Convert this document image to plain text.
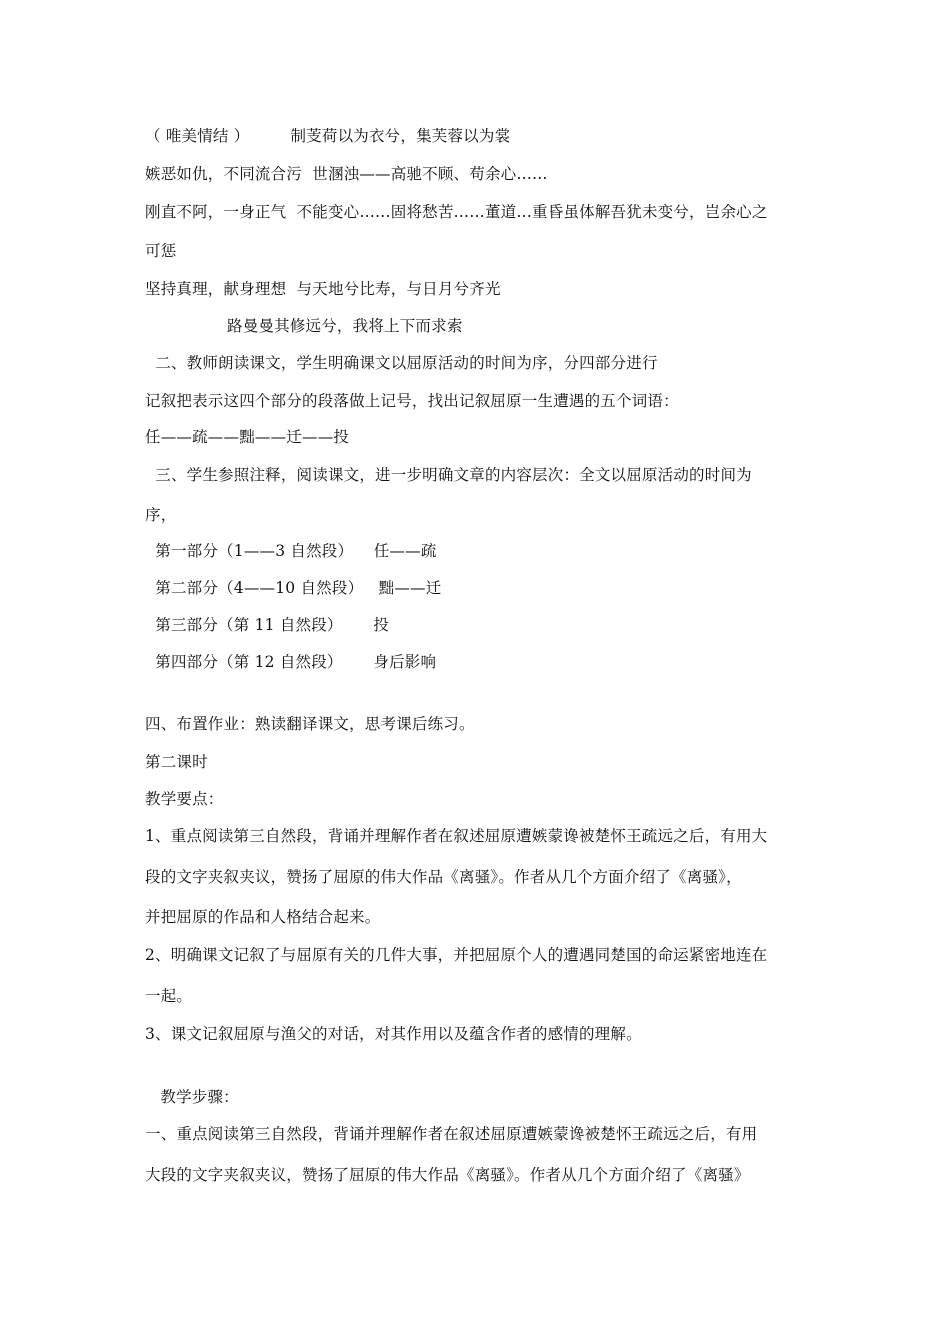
（ 唯美情结 ）        制芰荷以为衣兮，集芙蓉以为裳
嫉恶如仇，不同流合污  世溷浊——高驰不顾、苟余心……
刚直不阿，一身正气  不能变心……固将愁苦……董道…重昏虽体解吾犹未变兮，岂余心之
可惩
坚持真理，献身理想  与天地兮比寿，与日月兮齐光
路曼曼其修远兮，我将上下而求索
二、教师朗读课文，学生明确课文以屈原活动的时间为序，分四部分进行
记叙把表示这四个部分的段落做上记号，找出记叙屈原一生遭遇的五个词语：
任——疏——黜——迁——投
三、学生参照注释，阅读课文，进一步明确文章的内容层次：全文以屈原活动的时间为
序，
第一部分（1——3 自然段）    任——疏
第二部分（4——10 自然段）   黜——迁
第三部分（第 11 自然段）      投
第四部分（第 12 自然段）      身后影响
四、布置作业：熟读翻译课文，思考课后练习。
第二课时
教学要点：
1、重点阅读第三自然段，背诵并理解作者在叙述屈原遭嫉蒙谗被楚怀王疏远之后，有用大
段的文字夹叙夹议，赞扬了屈原的伟大作品《离骚》。作者从几个方面介绍了《离骚》，
并把屈原的作品和人格结合起来。
2、明确课文记叙了与屈原有关的几件大事，并把屈原个人的遭遇同楚国的命运紧密地连在
一起。
3、课文记叙屈原与渔父的对话，对其作用以及蕴含作者的感情的理解。
教学步骤：
一、重点阅读第三自然段，背诵并理解作者在叙述屈原遭嫉蒙谗被楚怀王疏远之后，有用
大段的文字夹叙夹议，赞扬了屈原的伟大作品《离骚》。作者从几个方面介绍了《离骚》
